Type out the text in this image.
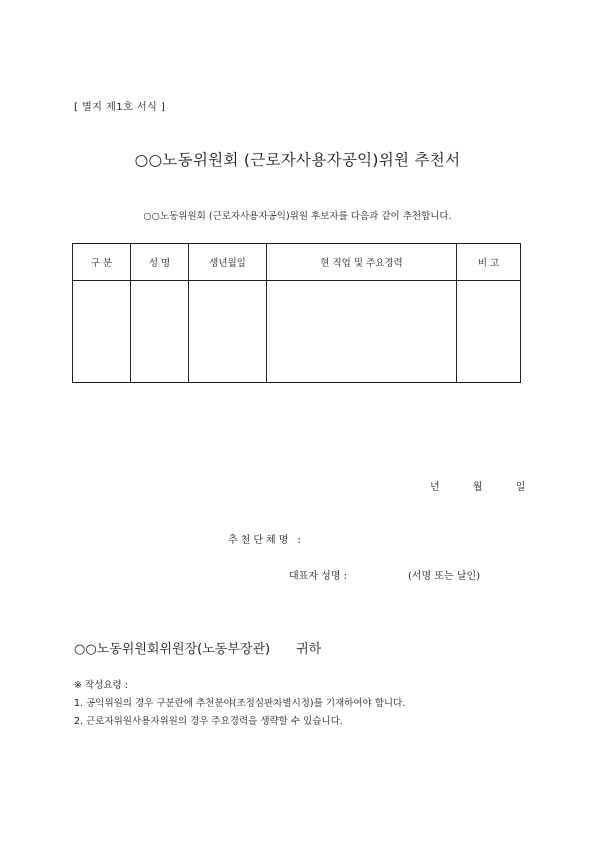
[ 별지 제1호 서식 ]
○○노동위원회 (근로자사용자공익)위원 추천서
○○노동위원회 (근로자사용자공익)위원 후보자를 다음과 같이 추천합니다.
구 분	성 명	생년월일	현 직업 및 주요경력	비 고

년	월	일
추천단체명 :
대표자 성명 :	(서명 또는 날인)
○○노동위원회위원장(노동부장관) 귀하
※ 작성요령 :
1. 공익위원의 경우 구분란에 추천분야(조정심판차별시정)를 기재하여야 합니다.
2. 근로자위원사용자위원의 경우 주요경력을 생략할 수 있습니다.
